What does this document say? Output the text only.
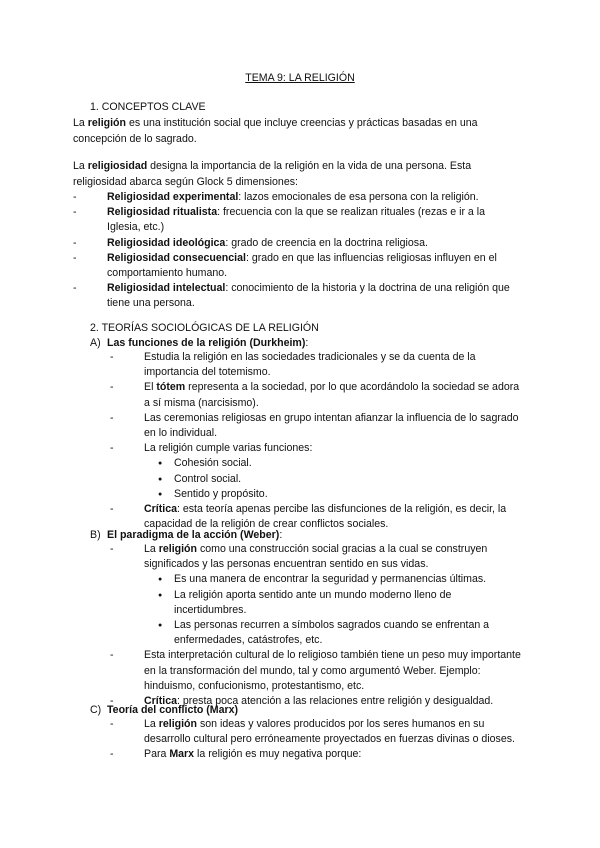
TEMA 9: LA RELIGIÓN
1. CONCEPTOS CLAVE
La religión es una institución social que incluye creencias y prácticas basadas en una
concepción de lo sagrado.
La religiosidad designa la importancia de la religión en la vida de una persona. Esta
religiosidad abarca según Glock 5 dimensiones:
- Religiosidad experimental: lazos emocionales de esa persona con la religión.
- Religiosidad ritualista: frecuencia con la que se realizan rituales (rezas e ir a la Iglesia, etc.)
- Religiosidad ideológica: grado de creencia en la doctrina religiosa.
- Religiosidad consecuencial: grado en que las influencias religiosas influyen en el comportamiento humano.
- Religiosidad intelectual: conocimiento de la historia y la doctrina de una religión que tiene una persona.
2. TEORÍAS SOCIOLÓGICAS DE LA RELIGIÓN
A) Las funciones de la religión (Durkheim):
- Estudia la religión en las sociedades tradicionales y se da cuenta de la importancia del totemismo.
- El tótem representa a la sociedad, por lo que acordándolo la sociedad se adora a sí misma (narcisismo).
- Las ceremonias religiosas en grupo intentan afianzar la influencia de lo sagrado en lo individual.
- La religión cumple varias funciones:
● Cohesión social.
● Control social.
● Sentido y propósito.
- Crítica: esta teoría apenas percibe las disfunciones de la religión, es decir, la capacidad de la religión de crear conflictos sociales.
B) El paradigma de la acción (Weber):
- La religión como una construcción social gracias a la cual se construyen significados y las personas encuentran sentido en sus vidas.
● Es una manera de encontrar la seguridad y permanencias últimas.
● La religión aporta sentido ante un mundo moderno lleno de incertidumbres.
● Las personas recurren a símbolos sagrados cuando se enfrentan a enfermedades, catástrofes, etc.
- Esta interpretación cultural de lo religioso también tiene un peso muy importante en la transformación del mundo, tal y como argumentó Weber. Ejemplo: hinduismo, confucionismo, protestantismo, etc.
- Crítica: presta poca atención a las relaciones entre religión y desigualdad.
C) Teoría del conflicto (Marx)
- La religión son ideas y valores producidos por los seres humanos en su desarrollo cultural pero erróneamente proyectados en fuerzas divinas o dioses.
- Para Marx la religión es muy negativa porque:
